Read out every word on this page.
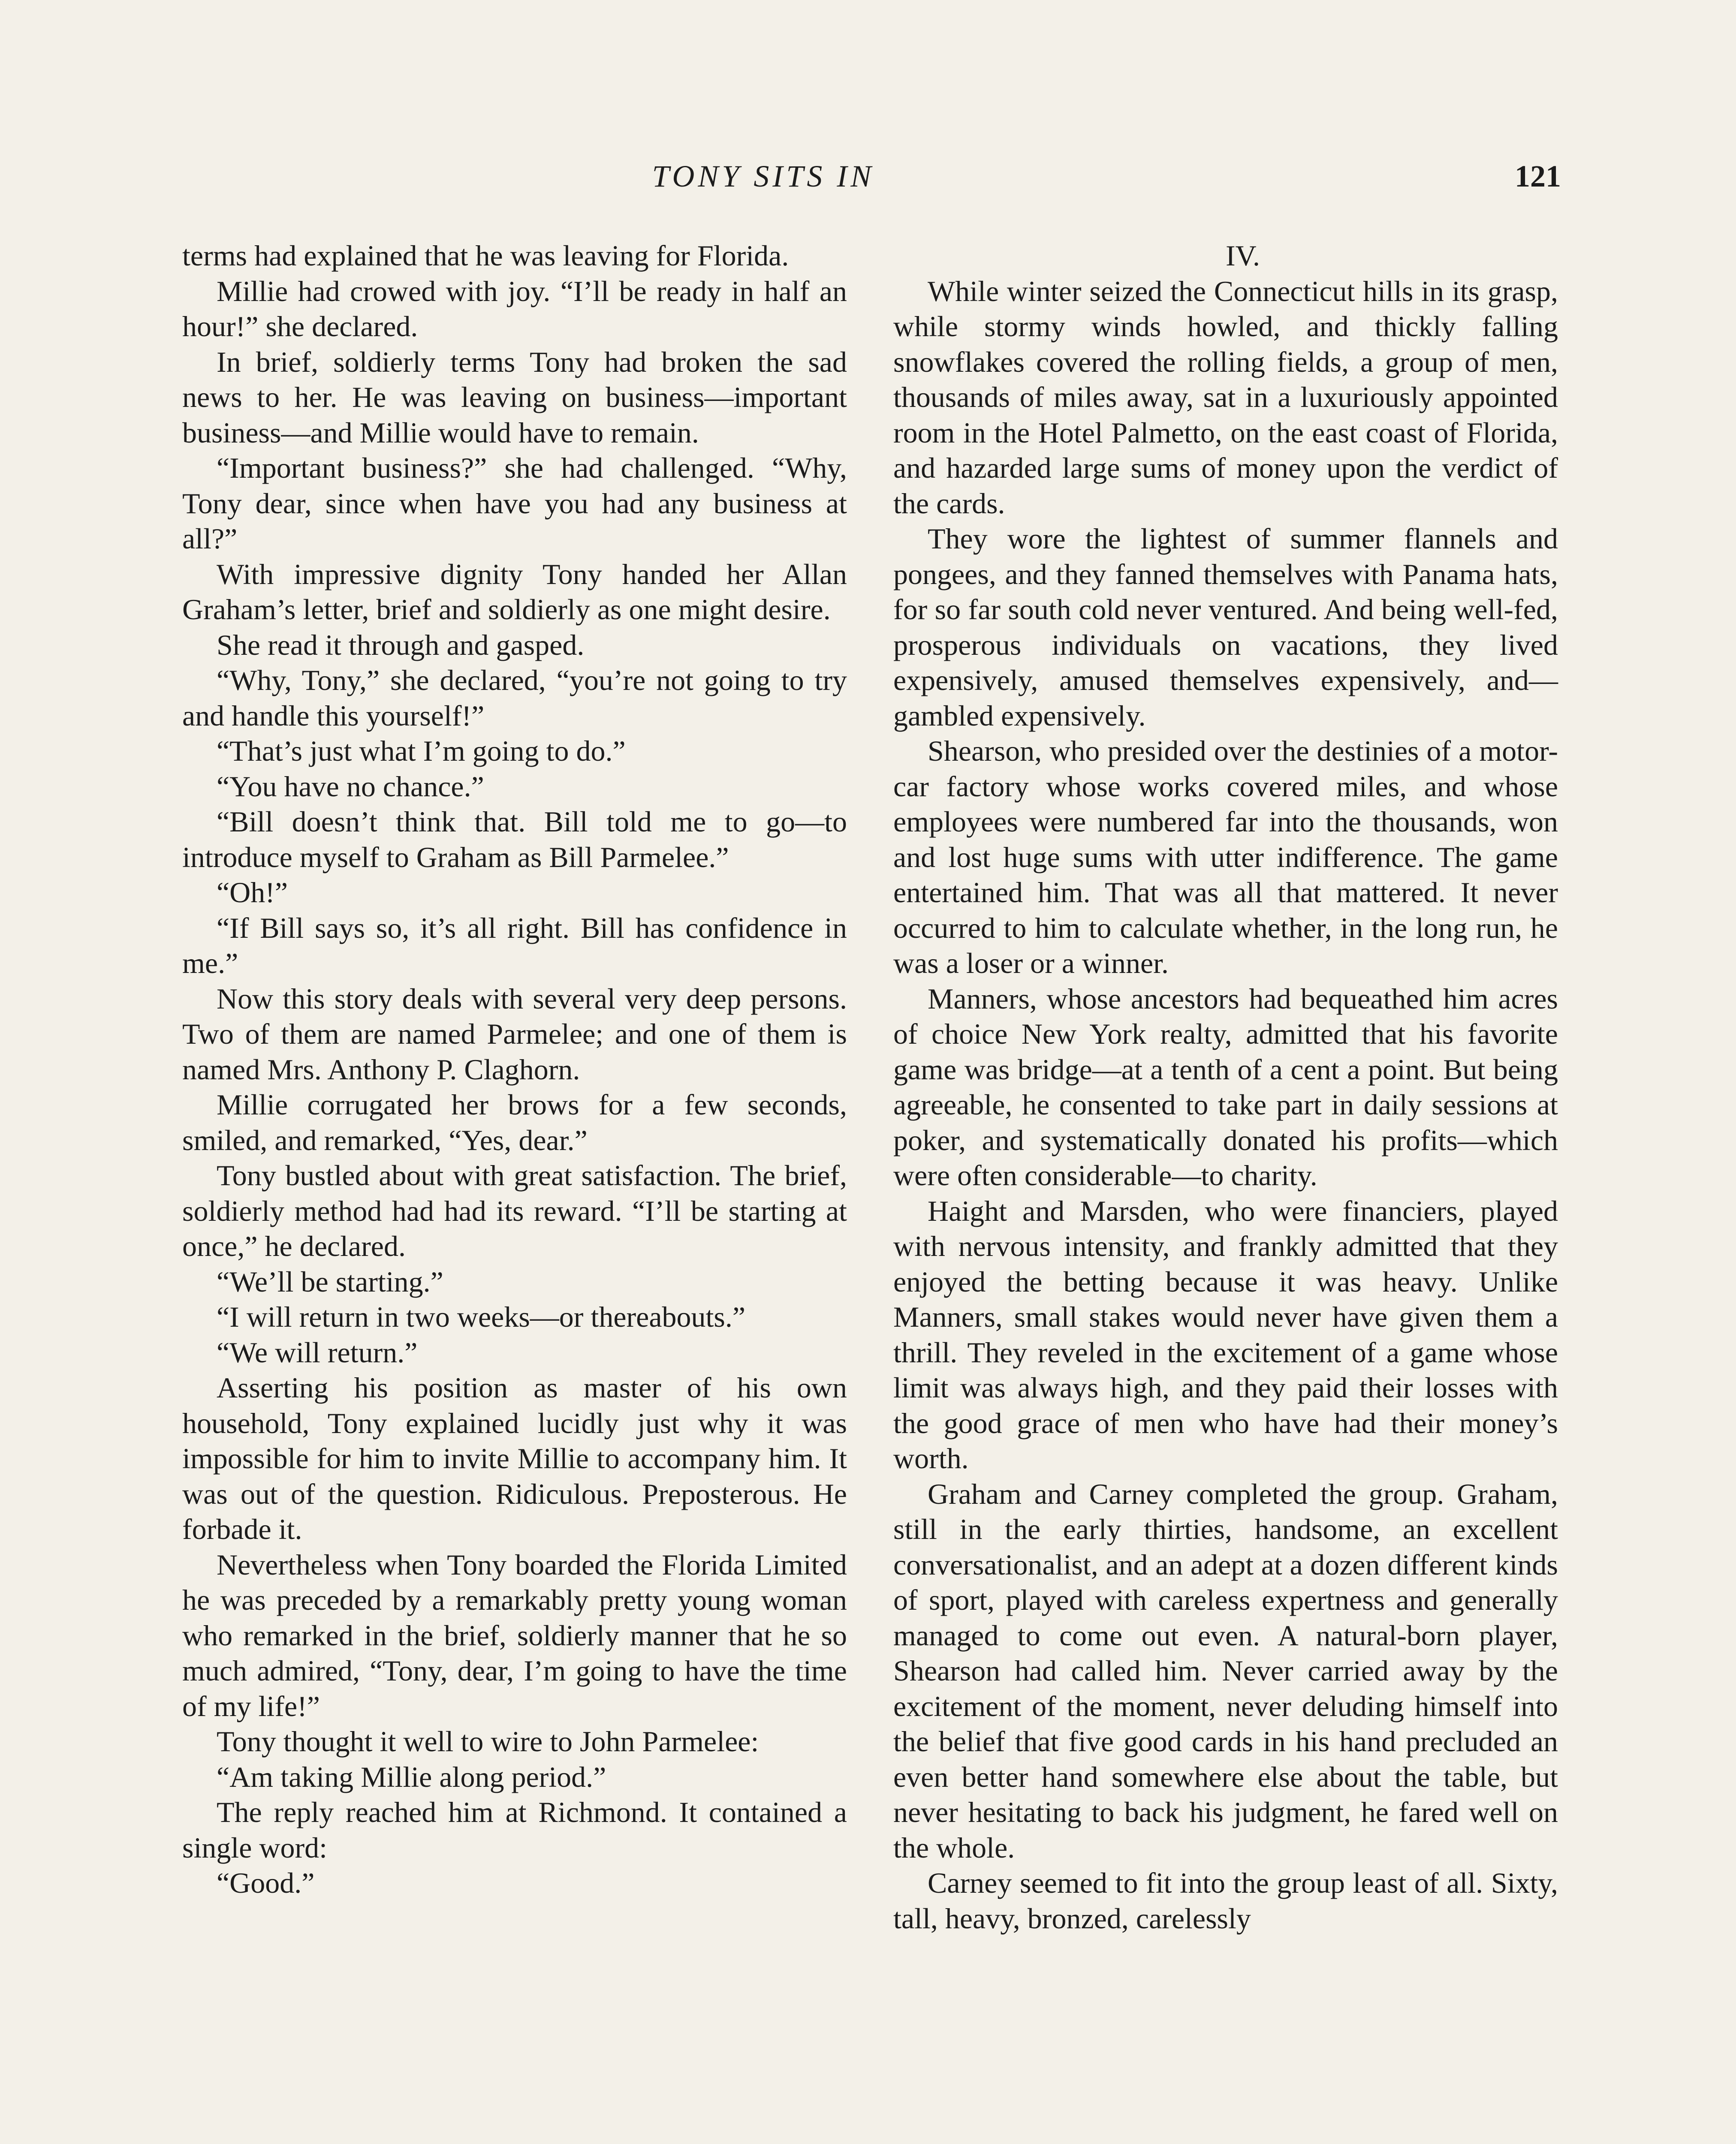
TONY SITS IN	121

terms had explained that he was leaving for Florida.

Millie had crowed with joy. “I’ll be ready in half an hour!” she declared.

In brief, soldierly terms Tony had broken the sad news to her. He was leaving on business—important business—and Millie would have to remain.

“Important business?” she had challenged. “Why, Tony dear, since when have you had any business at all?”

With impressive dignity Tony handed her Allan Graham’s letter, brief and soldierly as one might desire.

She read it through and gasped.

“Why, Tony,” she declared, “you’re not going to try and handle this yourself!”

“That’s just what I’m going to do.”

“You have no chance.”

“Bill doesn’t think that. Bill told me to go—to introduce myself to Graham as Bill Parmelee.”

“Oh!”

“If Bill says so, it’s all right. Bill has confidence in me.”

Now this story deals with several very deep persons. Two of them are named Parmelee; and one of them is named Mrs. Anthony P. Claghorn.

Millie corrugated her brows for a few seconds, smiled, and remarked, “Yes, dear.”

Tony bustled about with great satisfaction. The brief, soldierly method had had its reward. “I’ll be starting at once,” he declared.

“We’ll be starting.”

“I will return in two weeks—or thereabouts.”

“We will return.”

Asserting his position as master of his own household, Tony explained lucidly just why it was impossible for him to invite Millie to accompany him. It was out of the question. Ridiculous. Preposterous. He forbade it.

Nevertheless when Tony boarded the Florida Limited he was preceded by a remarkably pretty young woman who remarked in the brief, soldierly manner that he so much admired, “Tony, dear, I’m going to have the time of my life!”

Tony thought it well to wire to John Parmelee:

“Am taking Millie along period.”

The reply reached him at Richmond. It contained a single word:

“Good.”

IV.

While winter seized the Connecticut hills in its grasp, while stormy winds howled, and thickly falling snowflakes covered the rolling fields, a group of men, thousands of miles away, sat in a luxuriously appointed room in the Hotel Palmetto, on the east coast of Florida, and hazarded large sums of money upon the verdict of the cards.

They wore the lightest of summer flannels and pongees, and they fanned themselves with Panama hats, for so far south cold never ventured. And being well-fed, prosperous individuals on vacations, they lived expensively, amused themselves expensively, and—gambled expensively.

Shearson, who presided over the destinies of a motor-car factory whose works covered miles, and whose employees were numbered far into the thousands, won and lost huge sums with utter indifference. The game entertained him. That was all that mattered. It never occurred to him to calculate whether, in the long run, he was a loser or a winner.

Manners, whose ancestors had bequeathed him acres of choice New York realty, admitted that his favorite game was bridge—at a tenth of a cent a point. But being agreeable, he consented to take part in daily sessions at poker, and systematically donated his profits—which were often considerable—to charity.

Haight and Marsden, who were financiers, played with nervous intensity, and frankly admitted that they enjoyed the betting because it was heavy. Unlike Manners, small stakes would never have given them a thrill. They reveled in the excitement of a game whose limit was always high, and they paid their losses with the good grace of men who have had their money’s worth.

Graham and Carney completed the group. Graham, still in the early thirties, handsome, an excellent conversationalist, and an adept at a dozen different kinds of sport, played with careless expertness and generally managed to come out even. A natural-born player, Shearson had called him. Never carried away by the excitement of the moment, never deluding himself into the belief that five good cards in his hand precluded an even better hand somewhere else about the table, but never hesitating to back his judgment, he fared well on the whole.

Carney seemed to fit into the group least of all. Sixty, tall, heavy, bronzed, carelessly
